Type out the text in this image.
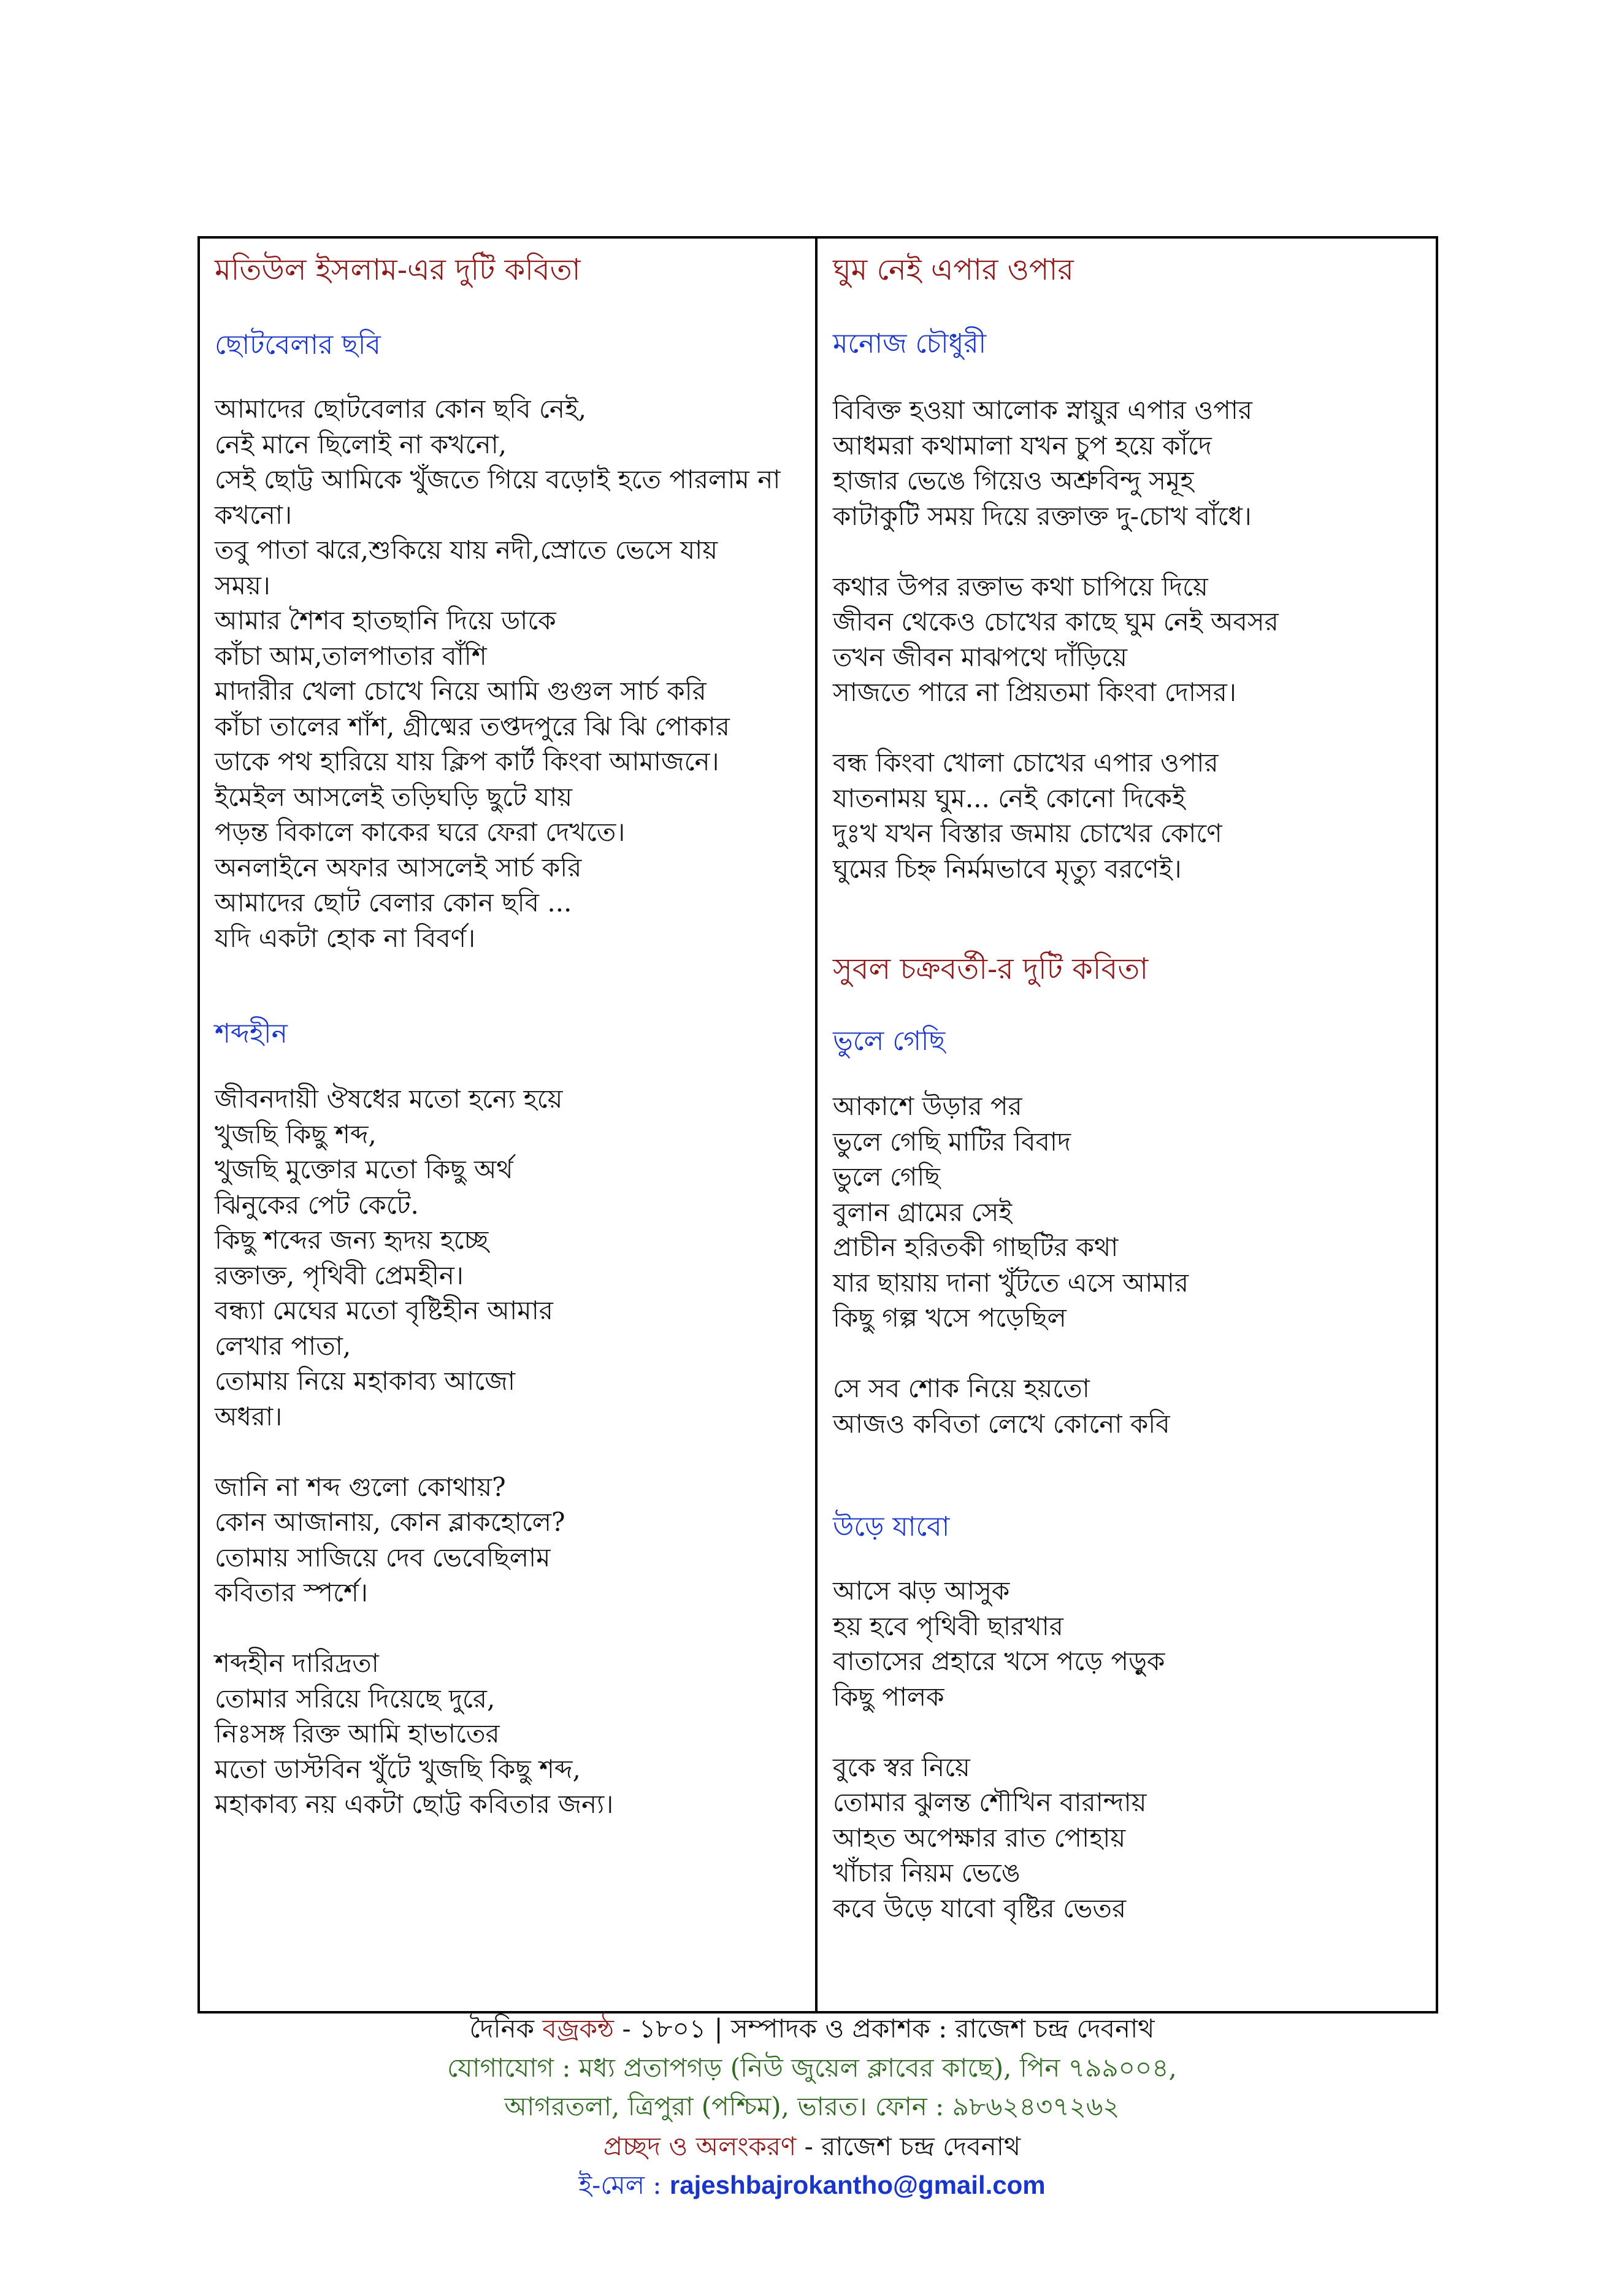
মতিউল ইসলাম-এর দুটি কবিতা
ছোটবেলার ছবি
আমাদের ছোটবেলার কোন ছবি নেই,
নেই মানে ছিলোই না কখনো,
সেই ছোট্ট আমিকে খুঁজতে গিয়ে বড়োই হতে পারলাম না
কখনো।
তবু পাতা ঝরে,শুকিয়ে যায় নদী,স্রোতে ভেসে যায়
সময়।
আমার শৈশব হাতছানি দিয়ে ডাকে
কাঁচা আম,তালপাতার বাঁশি
মাদারীর খেলা চোখে নিয়ে আমি গুগুল সার্চ করি
কাঁচা তালের শাঁশ, গ্রীষ্মের তপ্তদপুরে ঝি ঝি পোকার
ডাকে পথ হারিয়ে যায় ক্লিপ কার্ট কিংবা আমাজনে।
ইমেইল আসলেই তড়িঘড়ি ছুটে যায়
পড়ন্ত বিকালে কাকের ঘরে ফেরা দেখতে।
অনলাইনে অফার আসলেই সার্চ করি
আমাদের ছোট বেলার কোন ছবি ...
যদি একটা হোক না বিবর্ণ।
শব্দহীন
জীবনদায়ী ঔষধের মতো হন্যে হয়ে
খুজছি কিছু শব্দ,
খুজছি মুক্তোর মতো কিছু অর্থ
ঝিনুকের পেট কেটে.
কিছু শব্দের জন্য হৃদয় হচ্ছে
রক্তাক্ত, পৃথিবী প্রেমহীন।
বন্ধ্যা মেঘের মতো বৃষ্টিহীন আমার
লেখার পাতা,
তোমায় নিয়ে মহাকাব্য আজো
অধরা।

জানি না শব্দ গুলো কোথায়?
কোন আজানায়, কোন ব্লাকহোলে?
তোমায় সাজিয়ে দেব ভেবেছিলাম
কবিতার স্পর্শে।

শব্দহীন দারিদ্রতা
তোমার সরিয়ে দিয়েছে দুরে,
নিঃসঙ্গ রিক্ত আমি হাভাতের
মতো ডাস্টবিন খুঁটে খুজছি কিছু শব্দ,
মহাকাব্য নয় একটা ছোট্ট কবিতার জন্য।
ঘুম নেই এপার ওপার
মনোজ চৌধুরী
বিবিক্ত হওয়া আলোক স্নায়ুর এপার ওপার
আধমরা কথামালা যখন চুপ হয়ে কাঁদে
হাজার ভেঙে গিয়েও অশ্রুবিন্দু সমূহ
কাটাকুটি সময় দিয়ে রক্তাক্ত দু-চোখ বাঁধে।

কথার উপর রক্তাভ কথা চাপিয়ে দিয়ে
জীবন থেকেও চোখের কাছে ঘুম নেই অবসর
তখন জীবন মাঝপথে দাঁড়িয়ে
সাজতে পারে না প্রিয়তমা কিংবা দোসর।

বন্ধ কিংবা খোলা চোখের এপার ওপার
যাতনাময় ঘুম... নেই কোনো দিকেই
দুঃখ যখন বিস্তার জমায় চোখের কোণে
ঘুমের চিহ্ন নির্মমভাবে মৃত্যু বরণেই।
সুবল চক্রবর্তী-র দুটি কবিতা
ভুলে গেছি
আকাশে উড়ার পর
ভুলে গেছি মাটির বিবাদ
ভুলে গেছি
বুলান গ্রামের সেই
প্রাচীন হরিতকী গাছটির কথা
যার ছায়ায় দানা খুঁটতে এসে আমার
কিছু গল্প খসে পড়েছিল

সে সব শোক নিয়ে হয়তো
আজও কবিতা লেখে কোনো কবি
উড়ে যাবো
আসে ঝড় আসুক
হয় হবে পৃথিবী ছারখার
বাতাসের প্রহারে খসে পড়ে পড়ুক
কিছু পালক

বুকে স্বর নিয়ে
তোমার ঝুলন্ত শৌখিন বারান্দায়
আহত অপেক্ষার রাত পোহায়
খাঁচার নিয়ম ভেঙে
কবে উড়ে যাবো বৃষ্টির ভেতর
দৈনিক বজ্রকন্ঠ - ১৮০১ | সম্পাদক ও প্রকাশক : রাজেশ চন্দ্র দেবনাথ
যোগাযোগ : মধ্য প্রতাপগড় (নিউ জুয়েল ক্লাবের কাছে), পিন ৭৯৯০০৪,
আগরতলা, ত্রিপুরা (পশ্চিম), ভারত। ফোন : ৯৮৬২৪৩৭২৬২
প্রচ্ছদ ও অলংকরণ - রাজেশ চন্দ্র দেবনাথ
ই-মেল : rajeshbajrokantho@gmail.com
